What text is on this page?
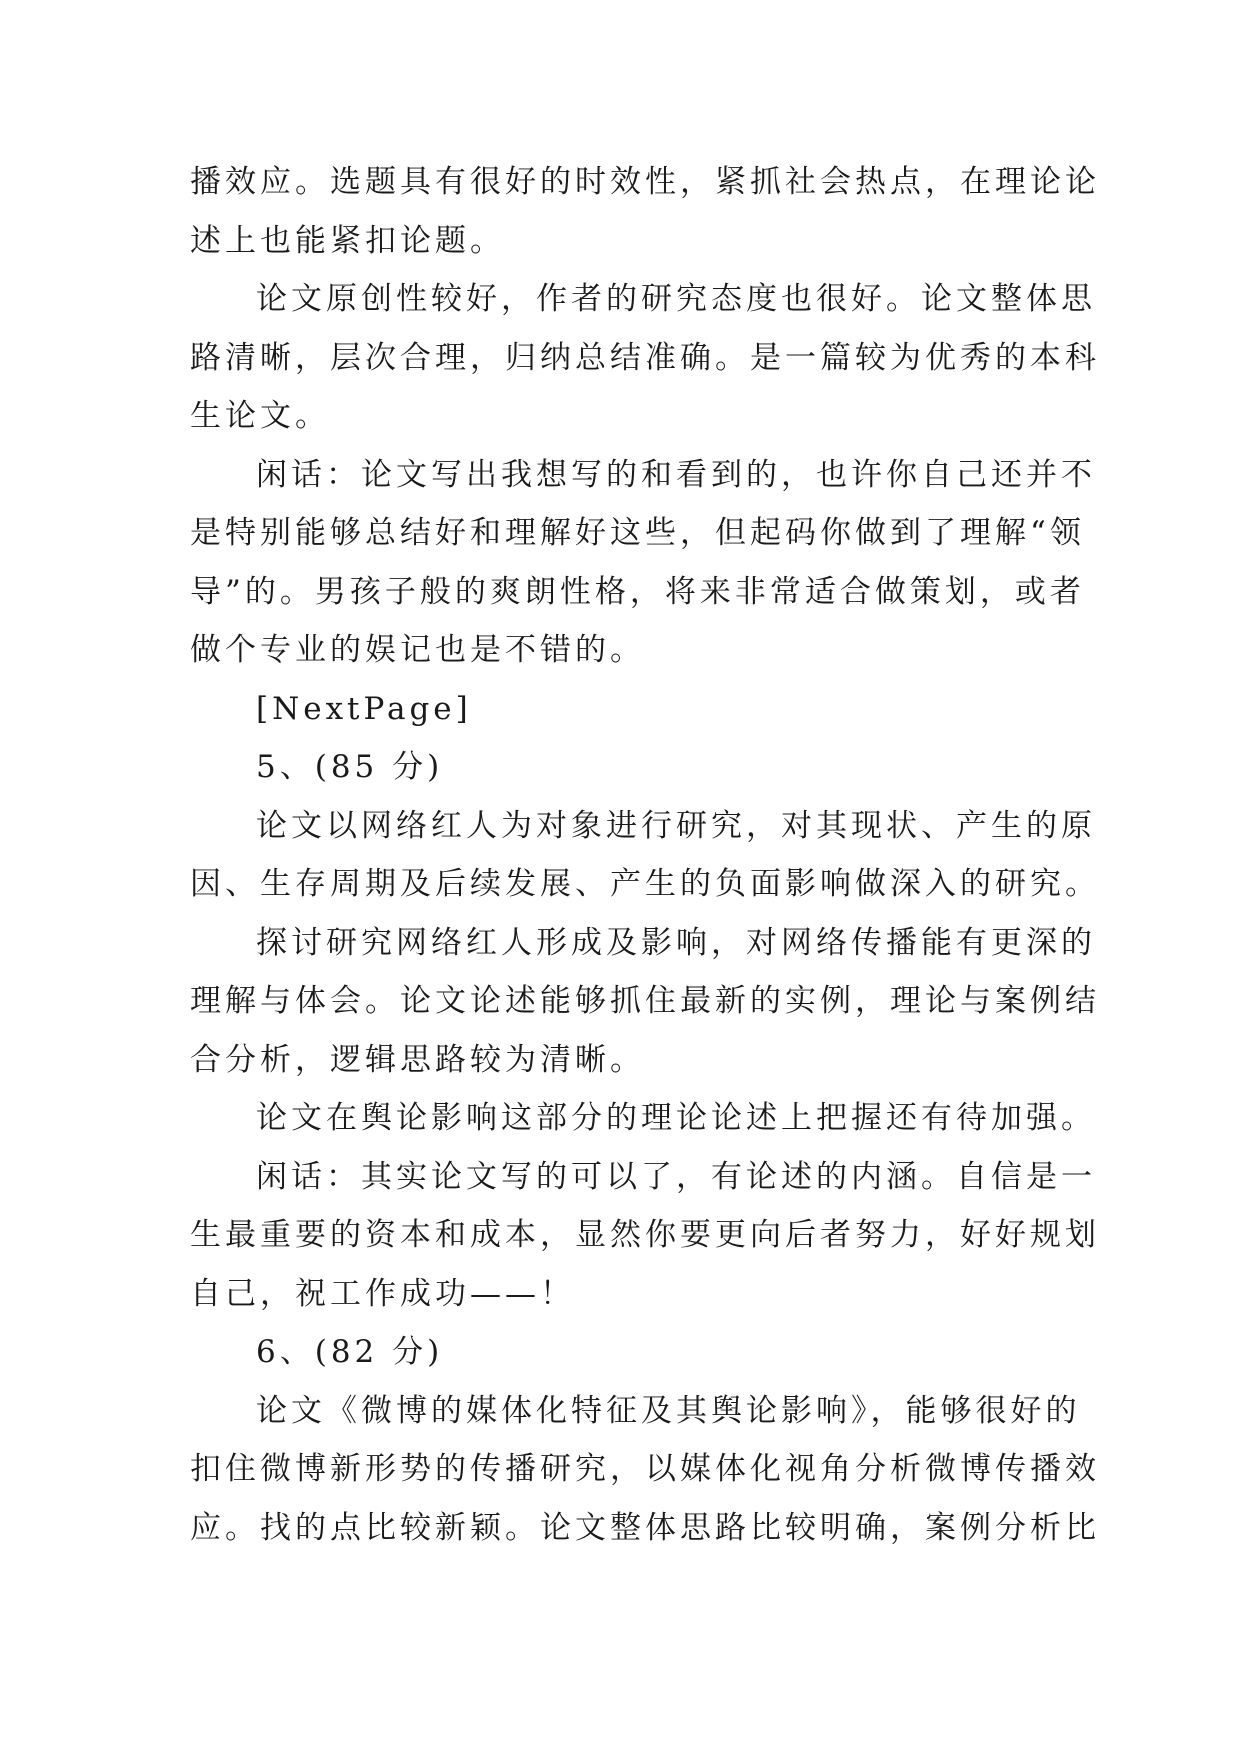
播效应。选题具有很好的时效性，紧抓社会热点，在理论论
述上也能紧扣论题。
论文原创性较好，作者的研究态度也很好。论文整体思
路清晰，层次合理，归纳总结准确。是一篇较为优秀的本科
生论文。
闲话：论文写出我想写的和看到的，也许你自己还并不
是特别能够总结好和理解好这些，但起码你做到了理解“领
导”的。男孩子般的爽朗性格，将来非常适合做策划，或者
做个专业的娱记也是不错的。
[NextPage]
5、(85 分)
论文以网络红人为对象进行研究，对其现状、产生的原
因、生存周期及后续发展、产生的负面影响做深入的研究。
探讨研究网络红人形成及影响，对网络传播能有更深的
理解与体会。论文论述能够抓住最新的实例，理论与案例结
合分析，逻辑思路较为清晰。
论文在舆论影响这部分的理论论述上把握还有待加强。
闲话：其实论文写的可以了，有论述的内涵。自信是一
生最重要的资本和成本，显然你要更向后者努力，好好规划
自己，祝工作成功——！
6、(82 分)
论文《微博的媒体化特征及其舆论影响》，能够很好的
扣住微博新形势的传播研究，以媒体化视角分析微博传播效
应。找的点比较新颖。论文整体思路比较明确，案例分析比
